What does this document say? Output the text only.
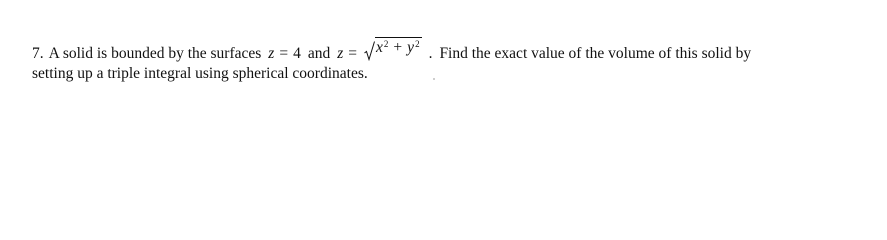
7. A solid is bounded by the surfaces z = 4 and $z = x^2 + y^2$
. Find the exact value of the volume of this solid by
setting up a triple integral using spherical coordinates.
